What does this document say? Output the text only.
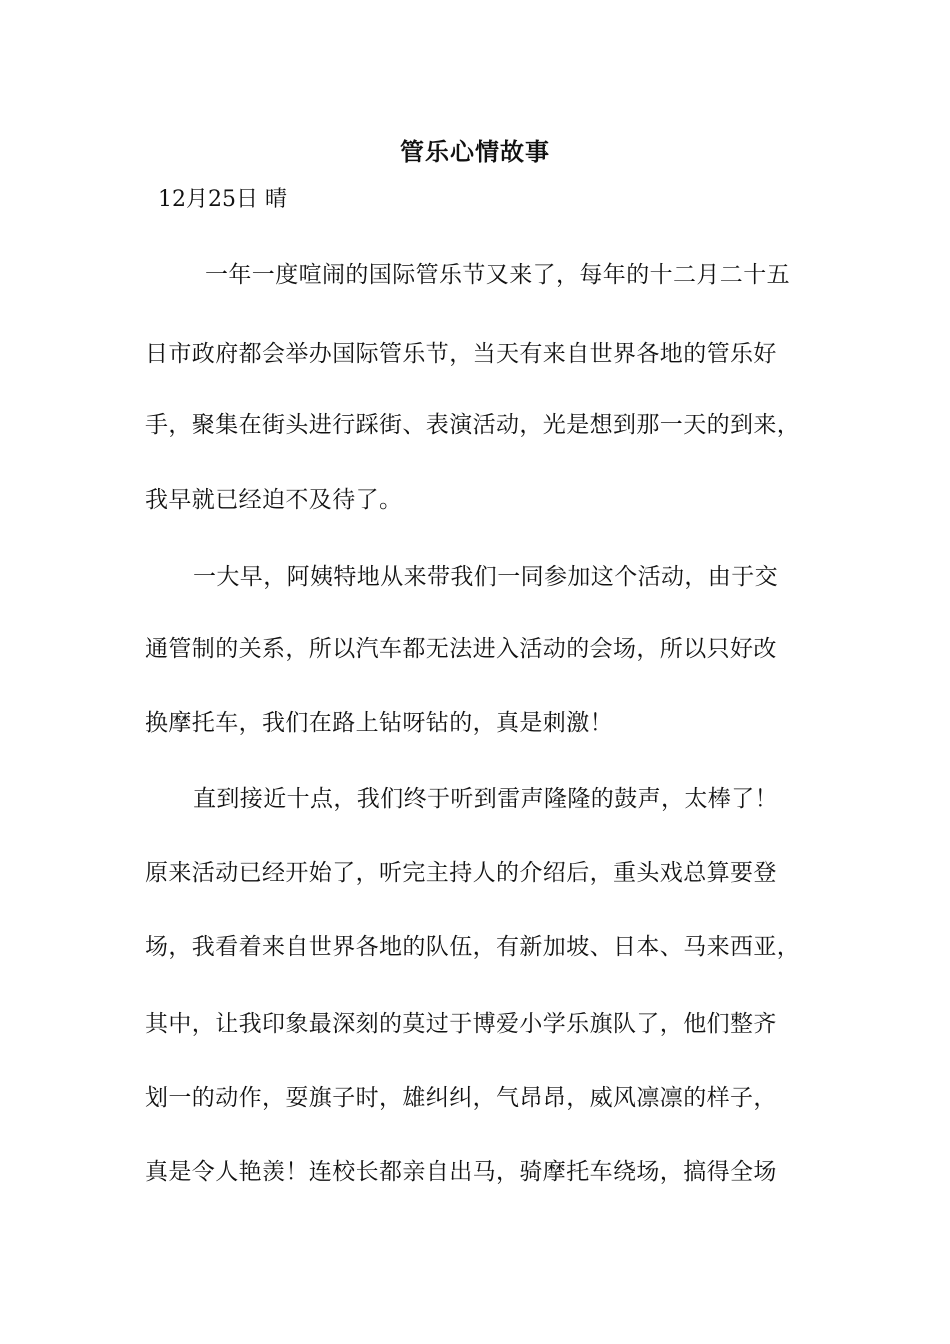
管乐心情故事
12月25日 晴
一年一度喧闹的国际管乐节又来了，每年的十二月二十五
日市政府都会举办国际管乐节，当天有来自世界各地的管乐好
手，聚集在街头进行踩街、表演活动，光是想到那一天的到来，
我早就已经迫不及待了。
一大早，阿姨特地从来带我们一同参加这个活动，由于交
通管制的关系，所以汽车都无法进入活动的会场，所以只好改
换摩托车，我们在路上钻呀钻的，真是刺激！
直到接近十点，我们终于听到雷声隆隆的鼓声，太棒了！
原来活动已经开始了，听完主持人的介绍后，重头戏总算要登
场，我看着来自世界各地的队伍，有新加坡、日本、马来西亚，
其中，让我印象最深刻的莫过于博爱小学乐旗队了，他们整齐
划一的动作，耍旗子时，雄纠纠，气昂昂，威风凛凛的样子，
真是令人艳羡！连校长都亲自出马，骑摩托车绕场，搞得全场
